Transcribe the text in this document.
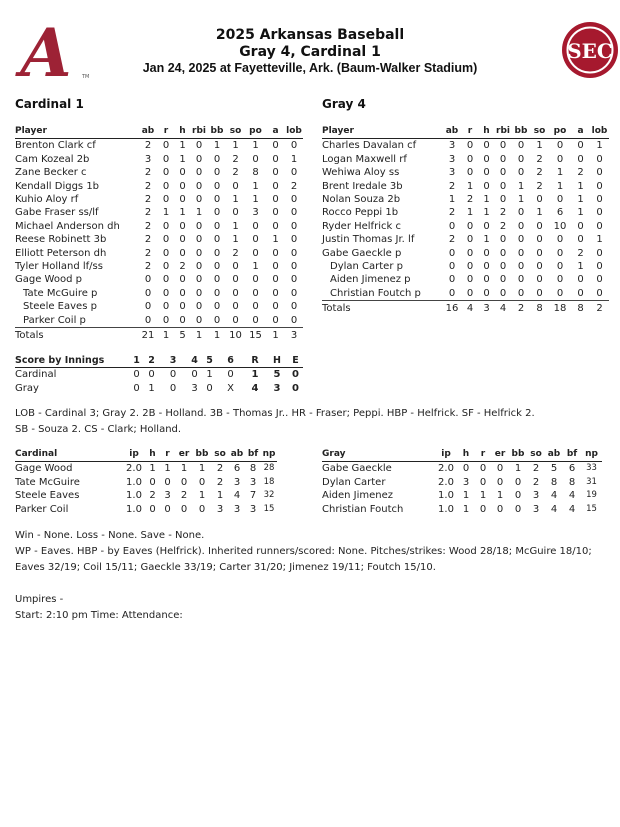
A TM
SEC
2025 Arkansas Baseball
Gray 4, Cardinal 1
Jan 24, 2025 at Fayetteville, Ark. (Baum-Walker Stadium)
Cardinal 1	Gray 4
Player	ab	r	h	rbi	bb	so	po	a	lob
Brenton Clark cf	2	0	1	0	1	1	1	0	0
Cam Kozeal 2b	3	0	1	0	0	2	0	0	1
Zane Becker c	2	0	0	0	0	2	8	0	0
Kendall Diggs 1b	2	0	0	0	0	0	1	0	2
Kuhio Aloy rf	2	0	0	0	0	1	1	0	0
Gabe Fraser ss/lf	2	1	1	1	0	0	3	0	0
Michael Anderson dh	2	0	0	0	0	1	0	0	0
Reese Robinett 3b	2	0	0	0	0	1	0	1	0
Elliott Peterson dh	2	0	0	0	0	2	0	0	0
Tyler Holland lf/ss	2	0	2	0	0	0	1	0	0
Gage Wood p	0	0	0	0	0	0	0	0	0
Tate McGuire p	0	0	0	0	0	0	0	0	0
Steele Eaves p	0	0	0	0	0	0	0	0	0
Parker Coil p	0	0	0	0	0	0	0	0	0
Totals	21	1	5	1	1	10	15	1	3
Player	ab	r	h	rbi	bb	so	po	a	lob
Charles Davalan cf	3	0	0	0	0	1	0	0	1
Logan Maxwell rf	3	0	0	0	0	2	0	0	0
Wehiwa Aloy ss	3	0	0	0	0	2	1	2	0
Brent Iredale 3b	2	1	0	0	1	2	1	1	0
Nolan Souza 2b	1	2	1	0	1	0	0	1	0
Rocco Peppi 1b	2	1	1	2	0	1	6	1	0
Ryder Helfrick c	0	0	0	2	0	0	10	0	0
Justin Thomas Jr. lf	2	0	1	0	0	0	0	0	1
Gabe Gaeckle p	0	0	0	0	0	0	0	2	0
Dylan Carter p	0	0	0	0	0	0	0	1	0
Aiden Jimenez p	0	0	0	0	0	0	0	0	0
Christian Foutch p	0	0	0	0	0	0	0	0	0
Totals	16	4	3	4	2	8	18	8	2
Score by Innings	1	2	3	4	5	6	R	H	E
Cardinal	0	0	0	0	1	0	1	5	0
Gray	0	1	0	3	0	X	4	3	0
LOB - Cardinal 3; Gray 2. 2B - Holland. 3B - Thomas Jr.. HR - Fraser; Peppi. HBP - Helfrick. SF - Helfrick 2.
SB - Souza 2. CS - Clark; Holland.
Cardinal	ip	h	r	er	bb	so	ab	bf	np
Gage Wood	2.0	1	1	1	1	2	6	8	28
Tate McGuire	1.0	0	0	0	0	2	3	3	18
Steele Eaves	1.0	2	3	2	1	1	4	7	32
Parker Coil	1.0	0	0	0	0	3	3	3	15
Gray	ip	h	r	er	bb	so	ab	bf	np
Gabe Gaeckle	2.0	0	0	0	1	2	5	6	33
Dylan Carter	2.0	3	0	0	0	2	8	8	31
Aiden Jimenez	1.0	1	1	1	0	3	4	4	19
Christian Foutch	1.0	1	0	0	0	3	4	4	15
Win - None. Loss - None. Save - None.
WP - Eaves. HBP - by Eaves (Helfrick). Inherited runners/scored: None. Pitches/strikes: Wood 28/18; McGuire 18/10;
Eaves 32/19; Coil 15/11; Gaeckle 33/19; Carter 31/20; Jimenez 19/11; Foutch 15/10.
Umpires -
Start: 2:10 pm Time: Attendance:
